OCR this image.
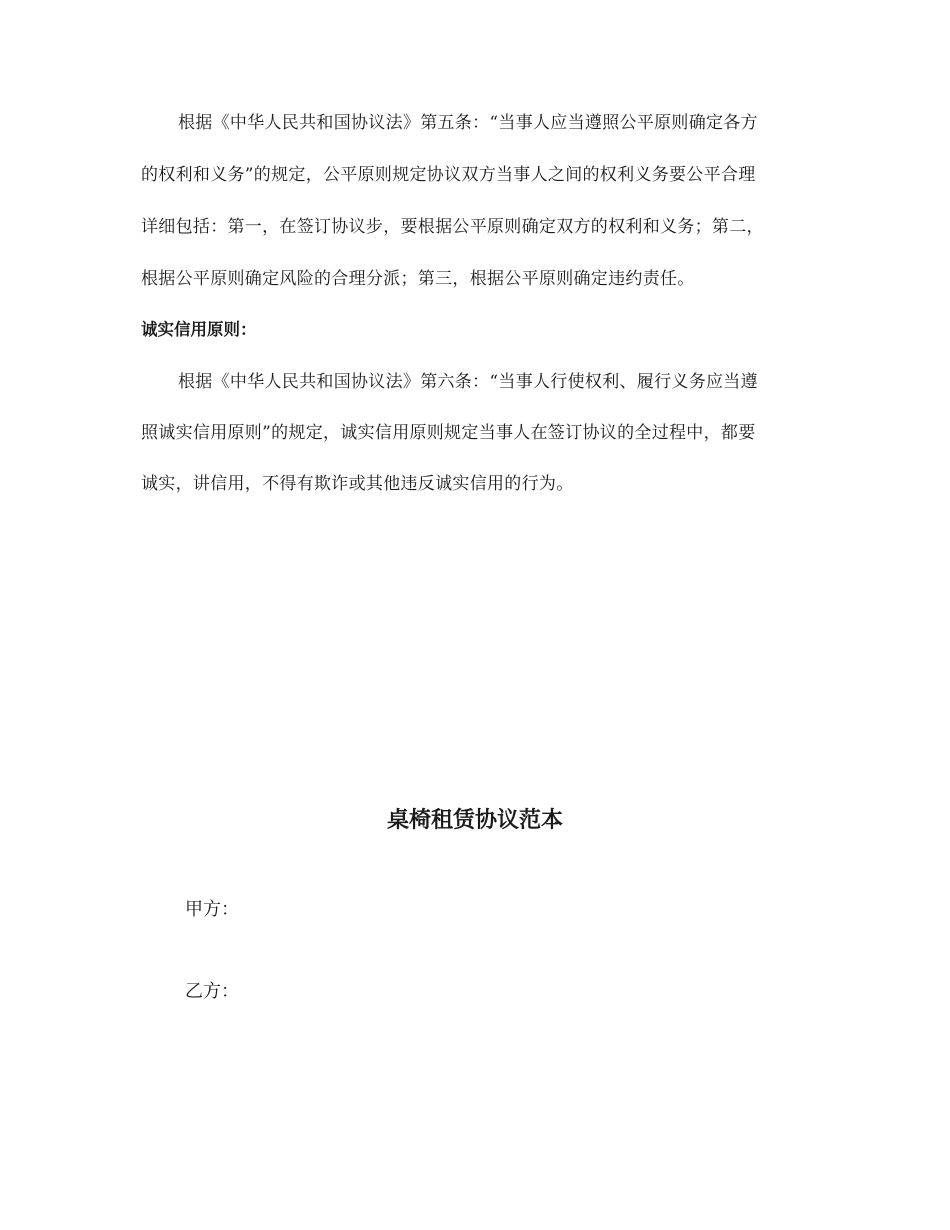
根据《中华人民共和国协议法》第五条：“当事人应当遵照公平原则确定各方
的权利和义务”的规定，公平原则规定协议双方当事人之间的权利义务要公平合理
详细包括：第一，在签订协议步，要根据公平原则确定双方的权利和义务；第二，
根据公平原则确定风险的合理分派；第三，根据公平原则确定违约责任。
诚实信用原则：
根据《中华人民共和国协议法》第六条：“当事人行使权利、履行义务应当遵
照诚实信用原则”的规定，诚实信用原则规定当事人在签订协议的全过程中，都要
诚实，讲信用，不得有欺诈或其他违反诚实信用的行为。
桌椅租赁协议范本
甲方：
乙方：
